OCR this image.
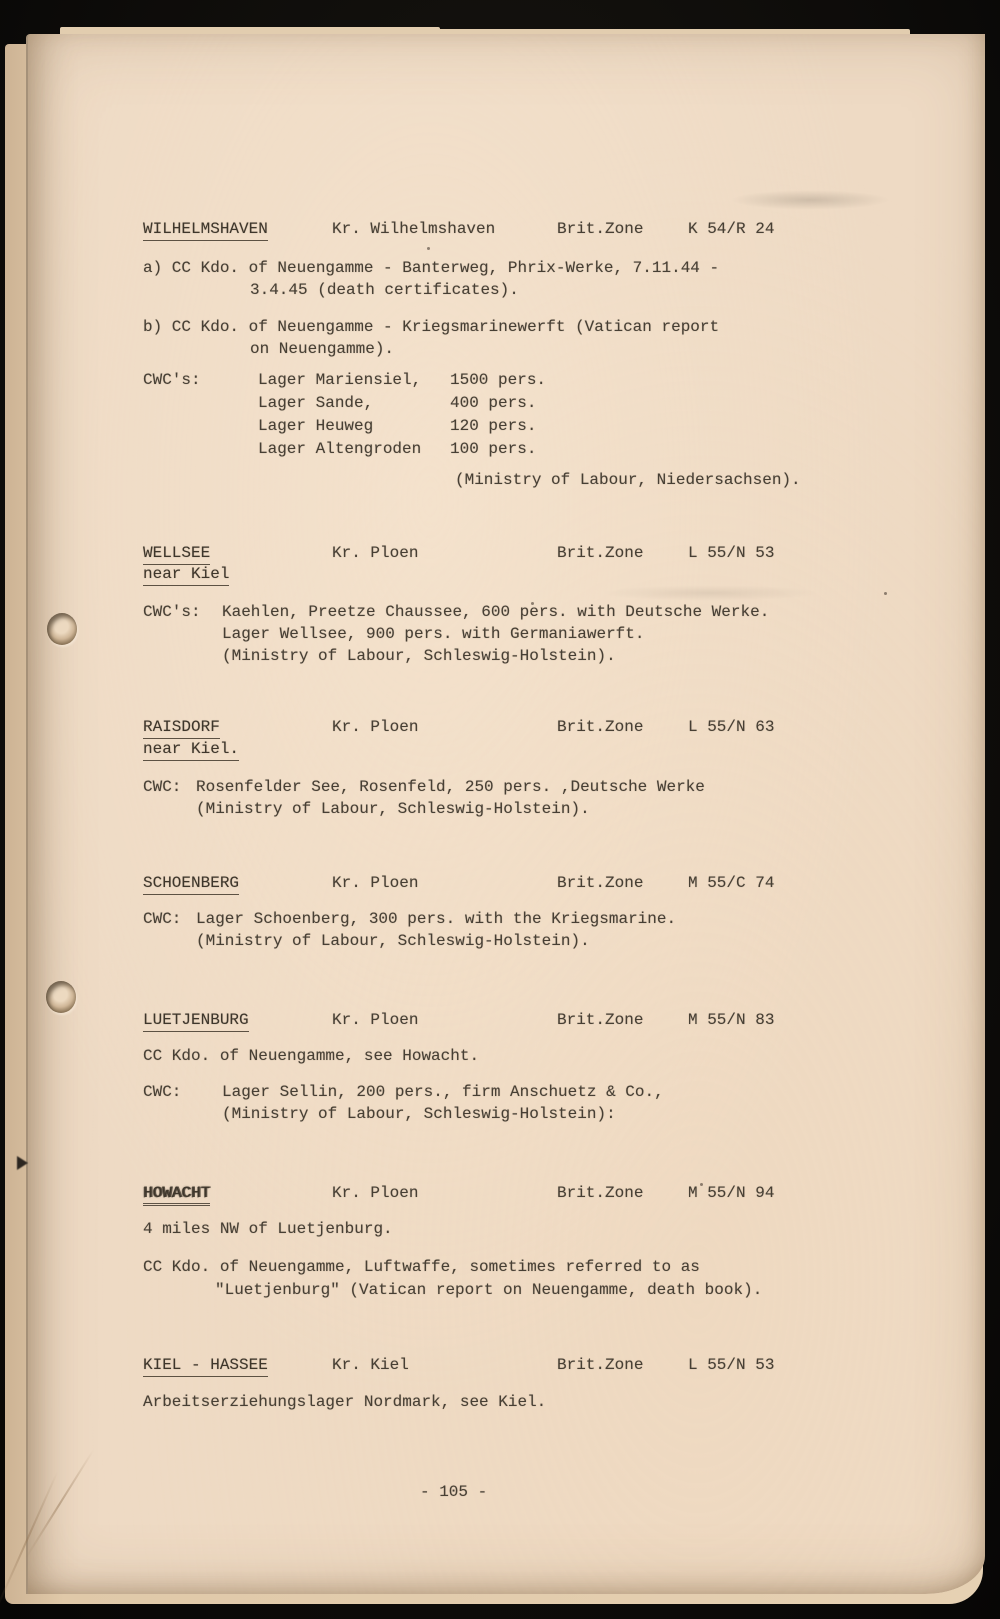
WILHELMSHAVEN	Kr. Wilhelmshaven	Brit.Zone	K 54/R 24
a) CC Kdo. of Neuengamme - Banterweg, Phrix-Werke, 7.11.44 -
3.4.45 (death certificates).
b) CC Kdo. of Neuengamme - Kriegsmarinewerft (Vatican report
on Neuengamme).
CWC's:	Lager Mariensiel, 1500 pers.
Lager Sande,	400 pers.
Lager Heuweg	120 pers.
Lager Altengroden 100 pers.
(Ministry of Labour, Niedersachsen).
WELLSEE	Kr. Ploen	Brit.Zone	L 55/N 53
near Kiel
CWC's: Kaehlen, Preetze Chaussee, 600 pers. with Deutsche Werke.
Lager Wellsee, 900 pers. with Germaniawerft.
(Ministry of Labour, Schleswig-Holstein).
RAISDORF	Kr. Ploen	Brit.Zone	L 55/N 63
near Kiel.
CWC: Rosenfelder See, Rosenfeld, 250 pers. ,Deutsche Werke
(Ministry of Labour, Schleswig-Holstein).
SCHOENBERG	Kr. Ploen	Brit.Zone	M 55/C 74
CWC: Lager Schoenberg, 300 pers. with the Kriegsmarine.
(Ministry of Labour, Schleswig-Holstein).
LUETJENBURG	Kr. Ploen	Brit.Zone	M 55/N 83
CC Kdo. of Neuengamme, see Howacht.
CWC:	Lager Sellin, 200 pers., firm Anschuetz & Co.,
(Ministry of Labour, Schleswig-Holstein):
HOWACHT	Kr. Ploen	Brit.Zone	M 55/N 94
4 miles NW of Luetjenburg.
CC Kdo. of Neuengamme, Luftwaffe, sometimes referred to as
"Luetjenburg" (Vatican report on Neuengamme, death book).
KIEL - HASSEE	Kr. Kiel	Brit.Zone	L 55/N 53
Arbeitserziehungslager Nordmark, see Kiel.
- 105 -
